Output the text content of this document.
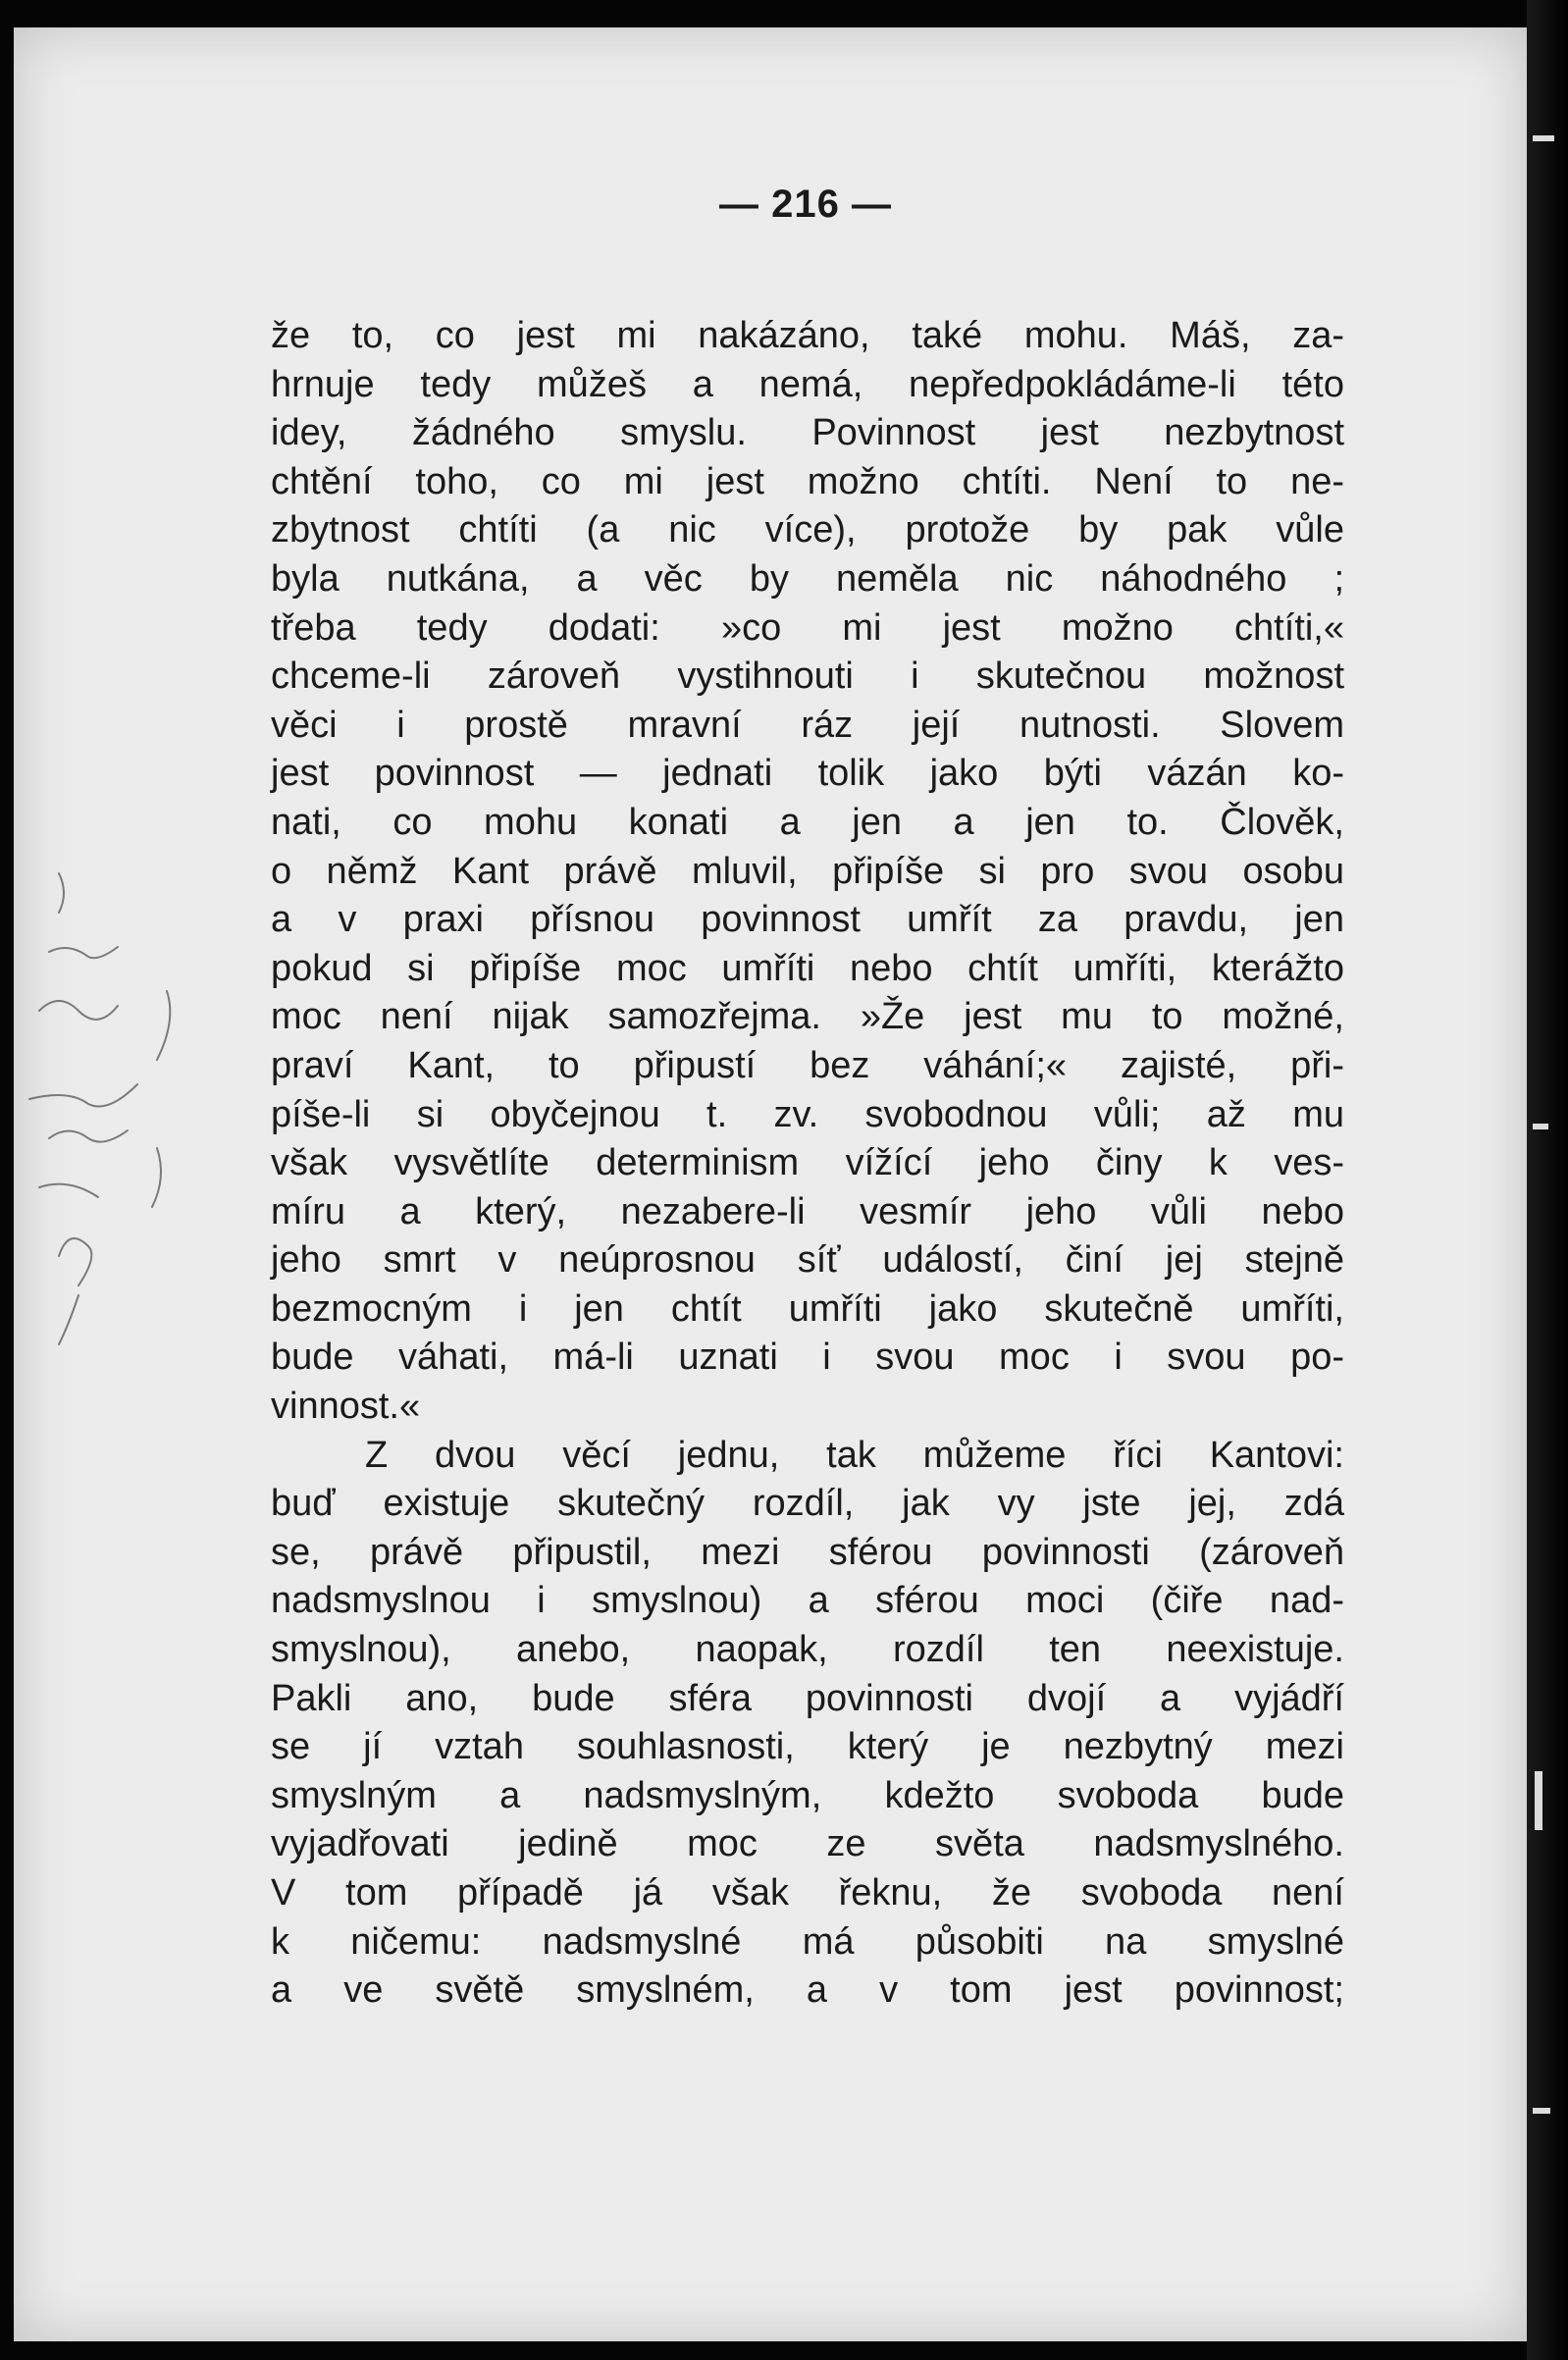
— 216 —
že to, co jest mi nakázáno, také mohu. Máš, za-
hrnuje tedy můžeš a nemá, nepředpokládáme-li této
idey, žádného smyslu. Povinnost jest nezbytnost
chtění toho, co mi jest možno chtíti. Není to ne-
zbytnost chtíti (a nic více), protože by pak vůle
byla nutkána, a věc by neměla nic náhodného ;
třeba tedy dodati: »co mi jest možno chtíti,«
chceme-li zároveň vystihnouti i skutečnou možnost
věci i prostě mravní ráz její nutnosti. Slovem
jest povinnost — jednati tolik jako býti vázán ko-
nati, co mohu konati a jen a jen to. Člověk,
o němž Kant právě mluvil, připíše si pro svou osobu
a v praxi přísnou povinnost umřít za pravdu, jen
pokud si připíše moc umříti nebo chtít umříti, kterážto
moc není nijak samozřejma. »Že jest mu to možné,
praví Kant, to připustí bez váhání;« zajisté, při-
píše-li si obyčejnou t. zv. svobodnou vůli; až mu
však vysvětlíte determinism vížící jeho činy k ves-
míru a který, nezabere-li vesmír jeho vůli nebo
jeho smrt v neúprosnou síť událostí, činí jej stejně
bezmocným i jen chtít umříti jako skutečně umříti,
bude váhati, má-li uznati i svou moc i svou po-
vinnost.«
Z dvou věcí jednu, tak můžeme říci Kantovi:
buď existuje skutečný rozdíl, jak vy jste jej, zdá
se, právě připustil, mezi sférou povinnosti (zároveň
nadsmyslnou i smyslnou) a sférou moci (čiře nad-
smyslnou), anebo, naopak, rozdíl ten neexistuje.
Pakli ano, bude sféra povinnosti dvojí a vyjádří
se jí vztah souhlasnosti, který je nezbytný mezi
smyslným a nadsmyslným, kdežto svoboda bude
vyjadřovati jedině moc ze světa nadsmyslného.
V tom případě já však řeknu, že svoboda není
k ničemu: nadsmyslné má působiti na smyslné
a ve světě smyslném, a v tom jest povinnost;
